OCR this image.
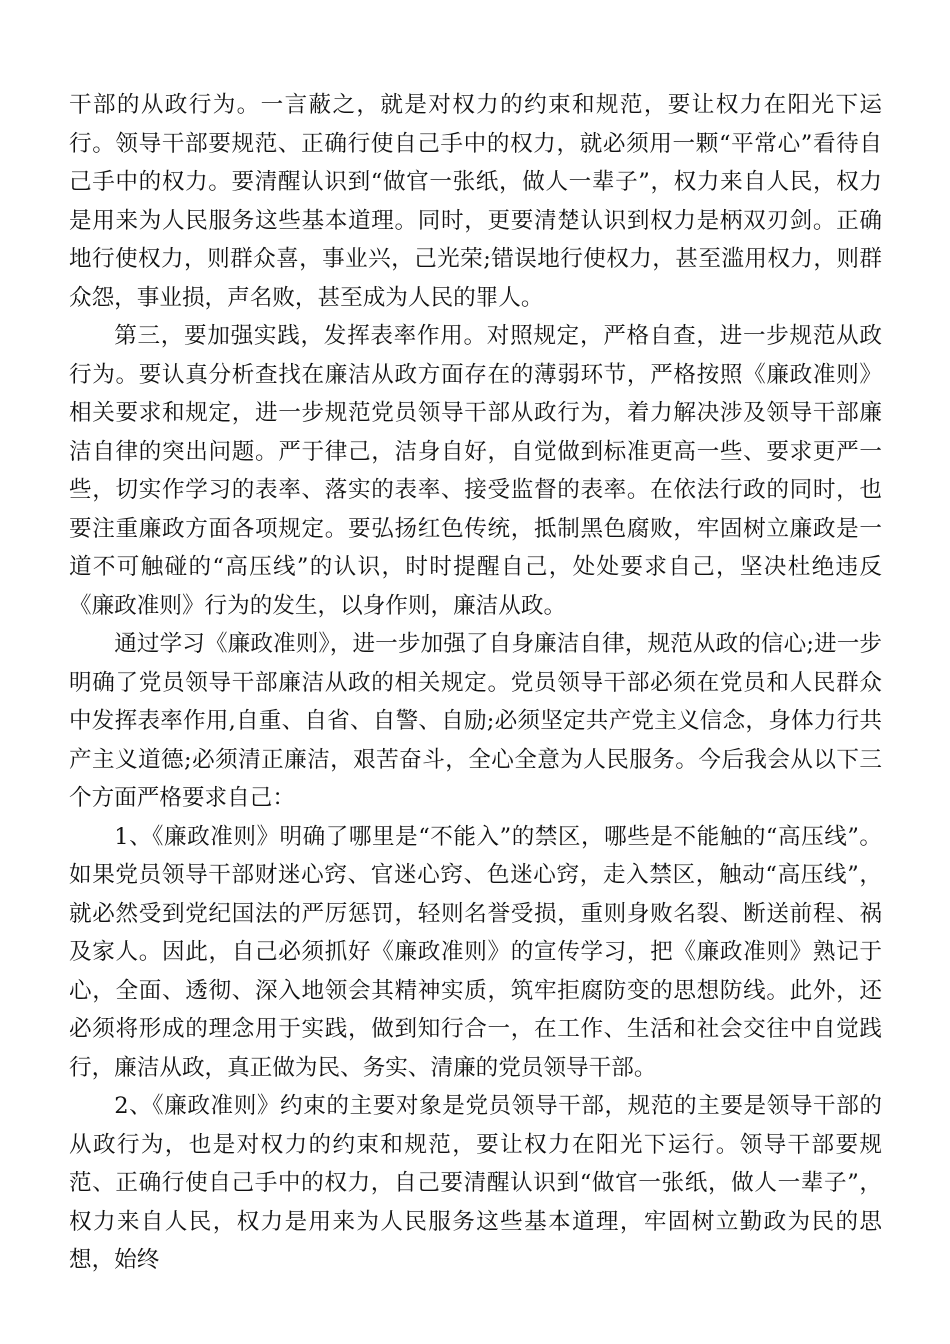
干部的从政行为。一言蔽之，就是对权力的约束和规范，要让权力在阳光下运行。领导干部要规范、正确行使自己手中的权力，就必须用一颗“平常心”看待自己手中的权力。要清醒认识到“做官一张纸，做人一辈子”，权力来自人民，权力是用来为人民服务这些基本道理。同时，更要清楚认识到权力是柄双刃剑。正确地行使权力，则群众喜，事业兴，己光荣;错误地行使权力，甚至滥用权力，则群众怨，事业损，声名败，甚至成为人民的罪人。

第三，要加强实践，发挥表率作用。对照规定，严格自查，进一步规范从政行为。要认真分析查找在廉洁从政方面存在的薄弱环节，严格按照《廉政准则》相关要求和规定，进一步规范党员领导干部从政行为，着力解决涉及领导干部廉洁自律的突出问题。严于律己，洁身自好，自觉做到标准更高一些、要求更严一些，切实作学习的表率、落实的表率、接受监督的表率。在依法行政的同时，也要注重廉政方面各项规定。要弘扬红色传统，抵制黑色腐败，牢固树立廉政是一道不可触碰的“高压线”的认识，时时提醒自己，处处要求自己，坚决杜绝违反《廉政准则》行为的发生，以身作则，廉洁从政。

通过学习《廉政准则》，进一步加强了自身廉洁自律，规范从政的信心;进一步明确了党员领导干部廉洁从政的相关规定。党员领导干部必须在党员和人民群众中发挥表率作用,自重、自省、自警、自励;必须坚定共产党主义信念，身体力行共产主义道德;必须清正廉洁，艰苦奋斗，全心全意为人民服务。今后我会从以下三个方面严格要求自己：

1、《廉政准则》明确了哪里是“不能入”的禁区，哪些是不能触的“高压线”。如果党员领导干部财迷心窍、官迷心窍、色迷心窍，走入禁区，触动“高压线”，就必然受到党纪国法的严厉惩罚，轻则名誉受损，重则身败名裂、断送前程、祸及家人。因此，自己必须抓好《廉政准则》的宣传学习，把《廉政准则》熟记于心，全面、透彻、深入地领会其精神实质，筑牢拒腐防变的思想防线。此外，还必须将形成的理念用于实践，做到知行合一，在工作、生活和社会交往中自觉践行，廉洁从政，真正做为民、务实、清廉的党员领导干部。

2、《廉政准则》约束的主要对象是党员领导干部，规范的主要是领导干部的从政行为，也是对权力的约束和规范，要让权力在阳光下运行。领导干部要规范、正确行使自己手中的权力，自己要清醒认识到“做官一张纸，做人一辈子”，权力来自人民，权力是用来为人民服务这些基本道理，牢固树立勤政为民的思想，始终
